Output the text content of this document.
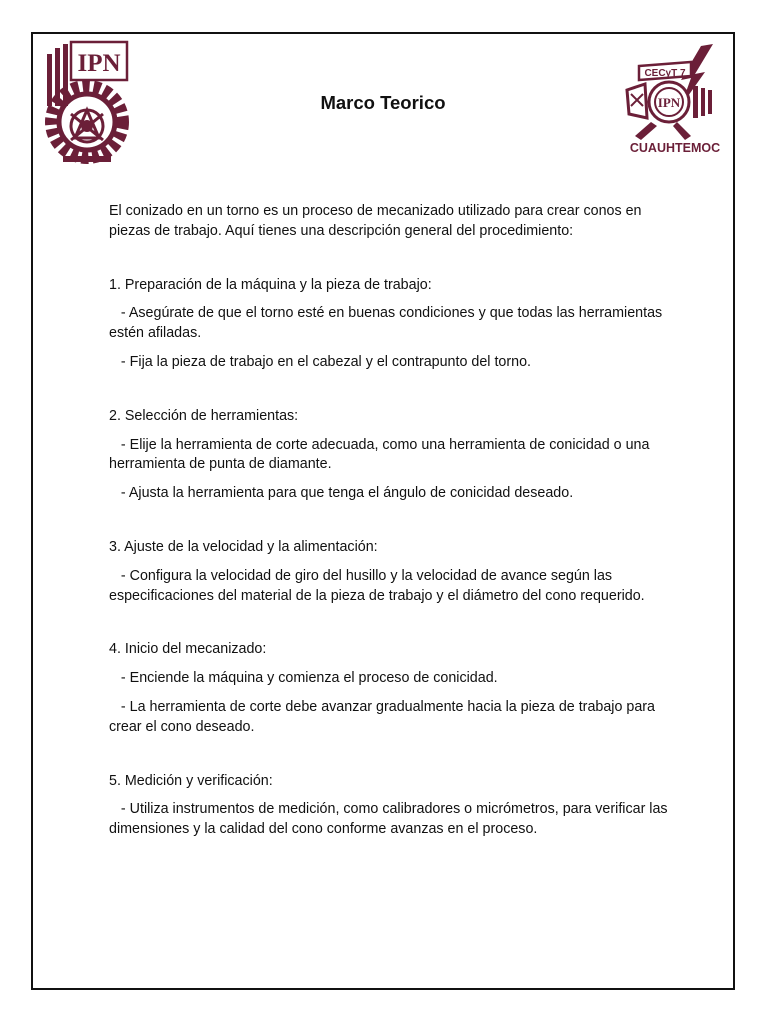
IPN
Marco Teorico
CECyT 7
IPN
CUAUHTEMOC

El conizado en un torno es un proceso de mecanizado utilizado para crear conos en piezas de trabajo. Aquí tienes una descripción general del procedimiento:

1. Preparación de la máquina y la pieza de trabajo:

- Asegúrate de que el torno esté en buenas condiciones y que todas las herramientas estén afiladas.

- Fija la pieza de trabajo en el cabezal y el contrapunto del torno.

2. Selección de herramientas:

- Elije la herramienta de corte adecuada, como una herramienta de conicidad o una herramienta de punta de diamante.

- Ajusta la herramienta para que tenga el ángulo de conicidad deseado.

3. Ajuste de la velocidad y la alimentación:

- Configura la velocidad de giro del husillo y la velocidad de avance según las especificaciones del material de la pieza de trabajo y el diámetro del cono requerido.

4. Inicio del mecanizado:

- Enciende la máquina y comienza el proceso de conicidad.

- La herramienta de corte debe avanzar gradualmente hacia la pieza de trabajo para crear el cono deseado.

5. Medición y verificación:

- Utiliza instrumentos de medición, como calibradores o micrómetros, para verificar las dimensiones y la calidad del cono conforme avanzas en el proceso.
